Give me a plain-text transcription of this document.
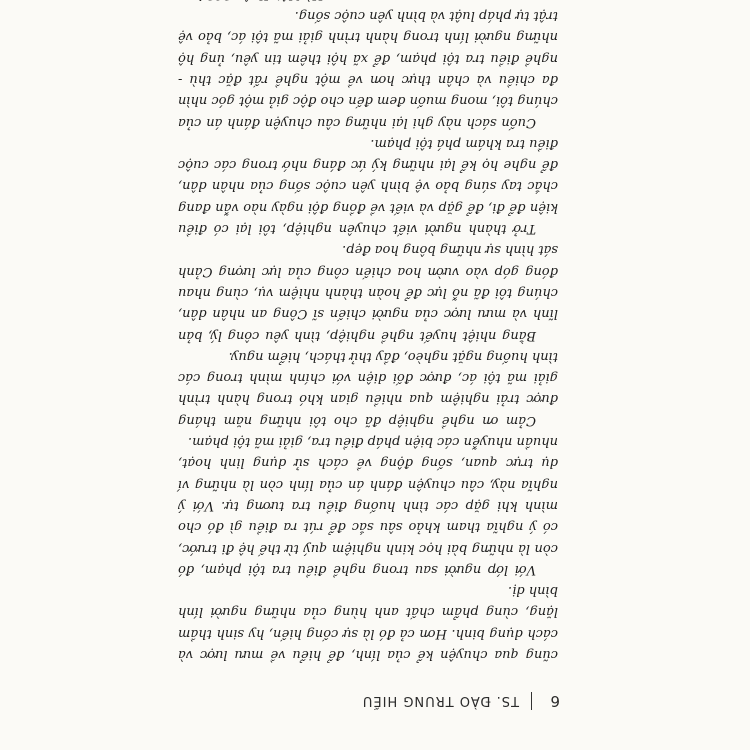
6
TS. ĐÀO TRUNG HIẾU

cũng qua chuyện kể của lính, để hiểu về mưu lược và cách dụng binh. Hơn cả đó là sự cống hiến, hy sinh thầm lặng, cùng phẩm chất anh hùng của những người lính bình dị.

Với lớp người sau trong nghề điều tra tội phạm, đó còn là những bài học kinh nghiệm quý từ thế hệ đi trước, có ý nghĩa tham khảo sâu sắc để rút ra điều gì đó cho mình khi gặp các tình huống điều tra tương tự. Với ý nghĩa này, câu chuyện đánh án của lính còn là những ví dụ trực quan, sống động về cách sử dụng linh hoạt, nhuần nhuyễn các biện pháp điều tra, giải mã tội phạm.

Cảm ơn nghề nghiệp đã cho tôi những năm tháng được trải nghiệm qua nhiều gian khó trong hành trình giải mã tội ác, được đối diện với chính mình trong các tình huống ngặt nghèo, đầy thử thách, hiểm nguy.

Bằng nhiệt huyết nghề nghiệp, tình yêu công lý, bản lĩnh và mưu lược của người chiến sĩ Công an nhân dân, chúng tôi đã nỗ lực để hoàn thành nhiệm vụ, cùng nhau đóng góp vào vườn hoa chiến công của lực lượng Cảnh sát hình sự những bông hoa đẹp.

Trở thành người viết chuyên nghiệp, tôi lại có điều kiện để đi, để gặp và viết về đồng đội ngày nào vẫn đang chắc tay súng bảo vệ bình yên cuộc sống của nhân dân, để nghe họ kể lại những ký ức đáng nhớ trong các cuộc điều tra khám phá tội phạm.

Cuốn sách này ghi lại những câu chuyện đánh án của chúng tôi, mong muốn đem đến cho độc giả một góc nhìn đa chiều và chân thực hơn về một nghề rất đặc thù - nghề điều tra tội phạm, để xã hội thêm tin yêu, ủng hộ những người lính trong hành trình giải mã tội ác, bảo vệ trật tự pháp luật và bình yên cuộc sống.
